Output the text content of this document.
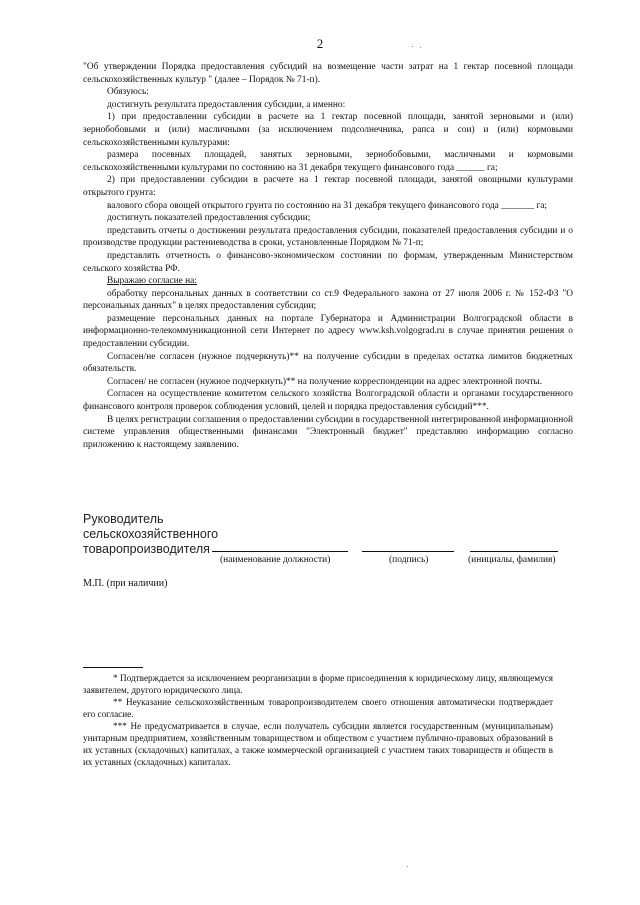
2

"Об утверждении Порядка предоставления субсидий на возмещение части затрат на 1 гектар посевной площади сельскохозяйственных культур " (далее – Порядок № 71-п).

Обязуюсь:

достигнуть результата предоставления субсидии, а именно:

1) при предоставлении субсидии в расчете на 1 гектар посевной площади, занятой зерновыми и (или) зернобобовыми и (или) масличными (за исключением подсолнечника, рапса и сои) и (или) кормовыми сельскохозяйственными культурами:

размера посевных площадей, занятых зерновыми, зернобобовыми, масличными и кормовыми сельскохозяйственными культурами по состоянию на 31 декабря текущего финансового года ______ га;

2) при предоставлении субсидии в расчете на 1 гектар посевной площади, занятой овощными культурами открытого грунта:

валового сбора овощей открытого грунта по состоянию на 31 декабря текущего финансового года _______ га;

достигнуть показателей предоставления субсидии;

представить отчеты о достижении результата предоставления субсидии, показателей предоставления субсидии и о производстве продукции растениеводства в сроки, установленные Порядком № 71-п;

представлять отчетность о финансово-экономическом состоянии по формам, утвержденным Министерством сельского хозяйства РФ.

Выражаю согласие на:

обработку персональных данных в соответствии со ст.9 Федерального закона от 27 июля 2006 г. № 152-ФЗ "О персональных данных" в целях предоставления субсидии;

размещение персональных данных на портале Губернатора и Администрации Волгоградской области в информационно-телекоммуникационной сети Интернет по адресу www.ksh.volgograd.ru в случае принятия решения о предоставлении субсидии.

Согласен/не согласен (нужное подчеркнуть)** на получение субсидии в пределах остатка лимитов бюджетных обязательств.

Согласен/ не согласен (нужное подчеркнуть)** на получение корреспонденции на адрес электронной почты.

Согласен на осуществление комитетом сельского хозяйства Волгоградской области и органами государственного финансового контроля проверок соблюдения условий, целей и порядка предоставления субсидий***.

В целях регистрации соглашения о предоставлении субсидии в государственной интегрированной информационной системе управления общественными финансами "Электронный бюджет" представляю информацию согласно приложению к настоящему заявлению.

Руководитель
сельскохозяйственного
товаропроизводителя
(наименование должности)	(подпись)	(инициалы, фамилия)
М.П. (при наличии)

* Подтверждается за исключением реорганизации в форме присоединения к юридическому лицу, являющемуся заявителем, другого юридического лица.

** Неуказание сельскохозяйственным товаропроизводителем своего отношения автоматически подтверждает его согласие.

*** Не предусматривается в случае, если получатель субсидии является государственным (муниципальным) унитарным предприятием, хозяйственным товариществом и обществом с участием публично-правовых образований в их уставных (складочных) капиталах, а также коммерческой организацией с участием таких товариществ и обществ в их уставных (складочных) капиталах.
